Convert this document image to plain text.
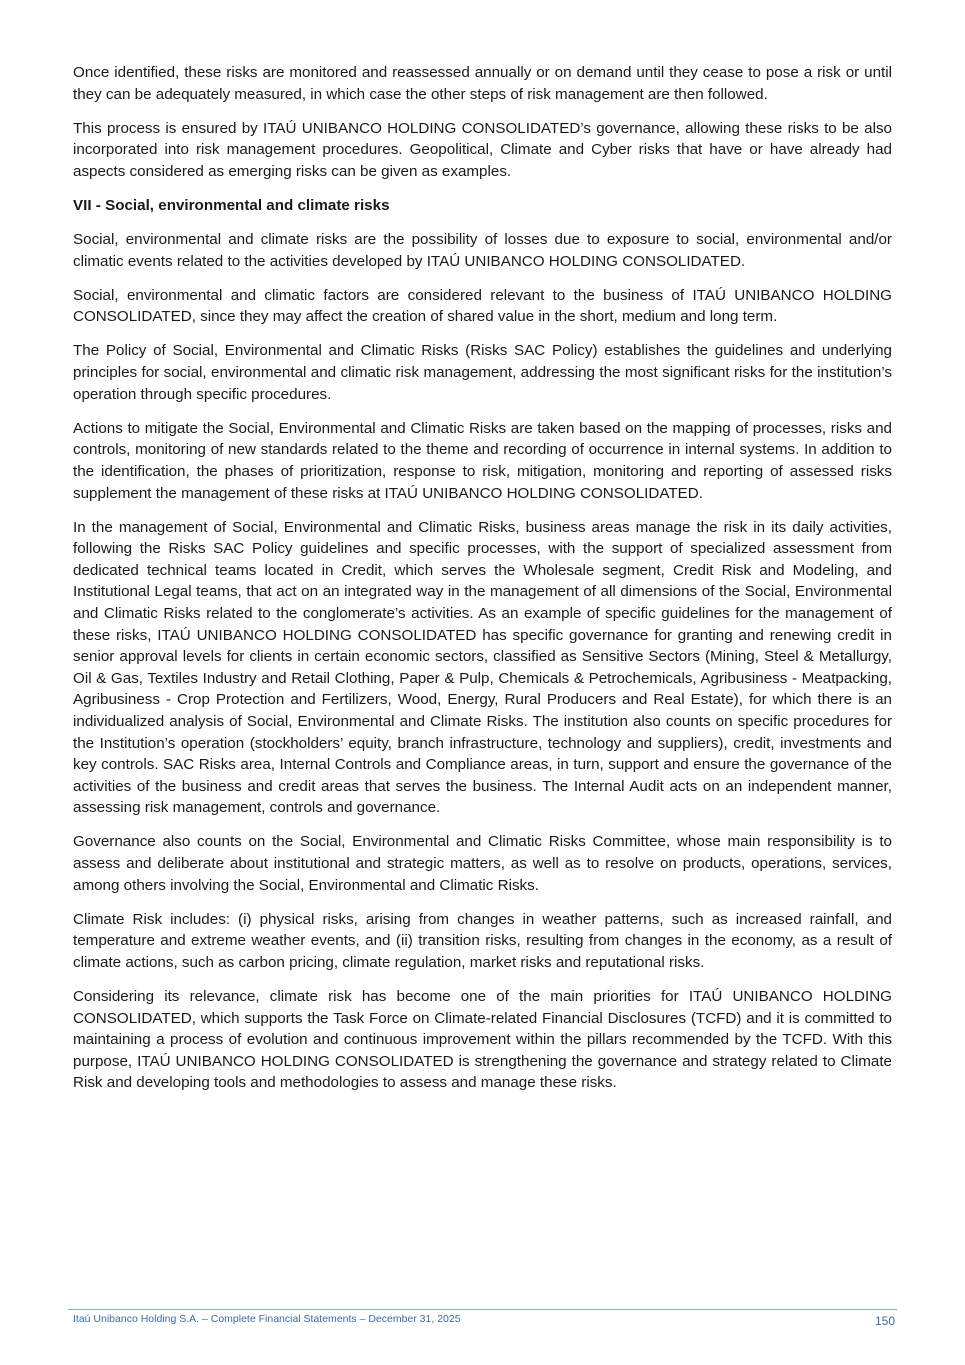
Once identified, these risks are monitored and reassessed annually or on demand until they cease to pose a risk or until they can be adequately measured, in which case the other steps of risk management are then followed.

This process is ensured by ITAÚ UNIBANCO HOLDING CONSOLIDATED’s governance, allowing these risks to be also incorporated into risk management procedures. Geopolitical, Climate and Cyber risks that have or have already had aspects considered as emerging risks can be given as examples.

VII - Social, environmental and climate risks

Social, environmental and climate risks are the possibility of losses due to exposure to social, environmental and/or climatic events related to the activities developed by ITAÚ UNIBANCO HOLDING CONSOLIDATED.

Social, environmental and climatic factors are considered relevant to the business of ITAÚ UNIBANCO HOLDING CONSOLIDATED, since they may affect the creation of shared value in the short, medium and long term.

The Policy of Social, Environmental and Climatic Risks (Risks SAC Policy) establishes the guidelines and underlying principles for social, environmental and climatic risk management, addressing the most significant risks for the institution’s operation through specific procedures.

Actions to mitigate the Social, Environmental and Climatic Risks are taken based on the mapping of processes, risks and controls, monitoring of new standards related to the theme and recording of occurrence in internal systems. In addition to the identification, the phases of prioritization, response to risk, mitigation, monitoring and reporting of assessed risks supplement the management of these risks at ITAÚ UNIBANCO HOLDING CONSOLIDATED.

In the management of Social, Environmental and Climatic Risks, business areas manage the risk in its daily activities, following the Risks SAC Policy guidelines and specific processes, with the support of specialized assessment from dedicated technical teams located in Credit, which serves the Wholesale segment, Credit Risk and Modeling, and Institutional Legal teams, that act on an integrated way in the management of all dimensions of the Social, Environmental and Climatic Risks related to the conglomerate’s activities. As an example of specific guidelines for the management of these risks, ITAÚ UNIBANCO HOLDING CONSOLIDATED has specific governance for granting and renewing credit in senior approval levels for clients in certain economic sectors, classified as Sensitive Sectors (Mining, Steel & Metallurgy, Oil & Gas, Textiles Industry and Retail Clothing, Paper & Pulp, Chemicals & Petrochemicals, Agribusiness - Meatpacking, Agribusiness - Crop Protection and Fertilizers, Wood, Energy, Rural Producers and Real Estate), for which there is an individualized analysis of Social, Environmental and Climate Risks. The institution also counts on specific procedures for the Institution’s operation (stockholders’ equity, branch infrastructure, technology and suppliers), credit, investments and key controls. SAC Risks area, Internal Controls and Compliance areas, in turn, support and ensure the governance of the activities of the business and credit areas that serves the business. The Internal Audit acts on an independent manner, assessing risk management, controls and governance.

Governance also counts on the Social, Environmental and Climatic Risks Committee, whose main responsibility is to assess and deliberate about institutional and strategic matters, as well as to resolve on products, operations, services, among others involving the Social, Environmental and Climatic Risks.

Climate Risk includes: (i) physical risks, arising from changes in weather patterns, such as increased rainfall, and temperature and extreme weather events, and (ii) transition risks, resulting from changes in the economy, as a result of climate actions, such as carbon pricing, climate regulation, market risks and reputational risks.

Considering its relevance, climate risk has become one of the main priorities for ITAÚ UNIBANCO HOLDING CONSOLIDATED, which supports the Task Force on Climate-related Financial Disclosures (TCFD) and it is committed to maintaining a process of evolution and continuous improvement within the pillars recommended by the TCFD. With this purpose, ITAÚ UNIBANCO HOLDING CONSOLIDATED is strengthening the governance and strategy related to Climate Risk and developing tools and methodologies to assess and manage these risks.

Itaú Unibanco Holding S.A. – Complete Financial Statements – December 31, 2025	150
